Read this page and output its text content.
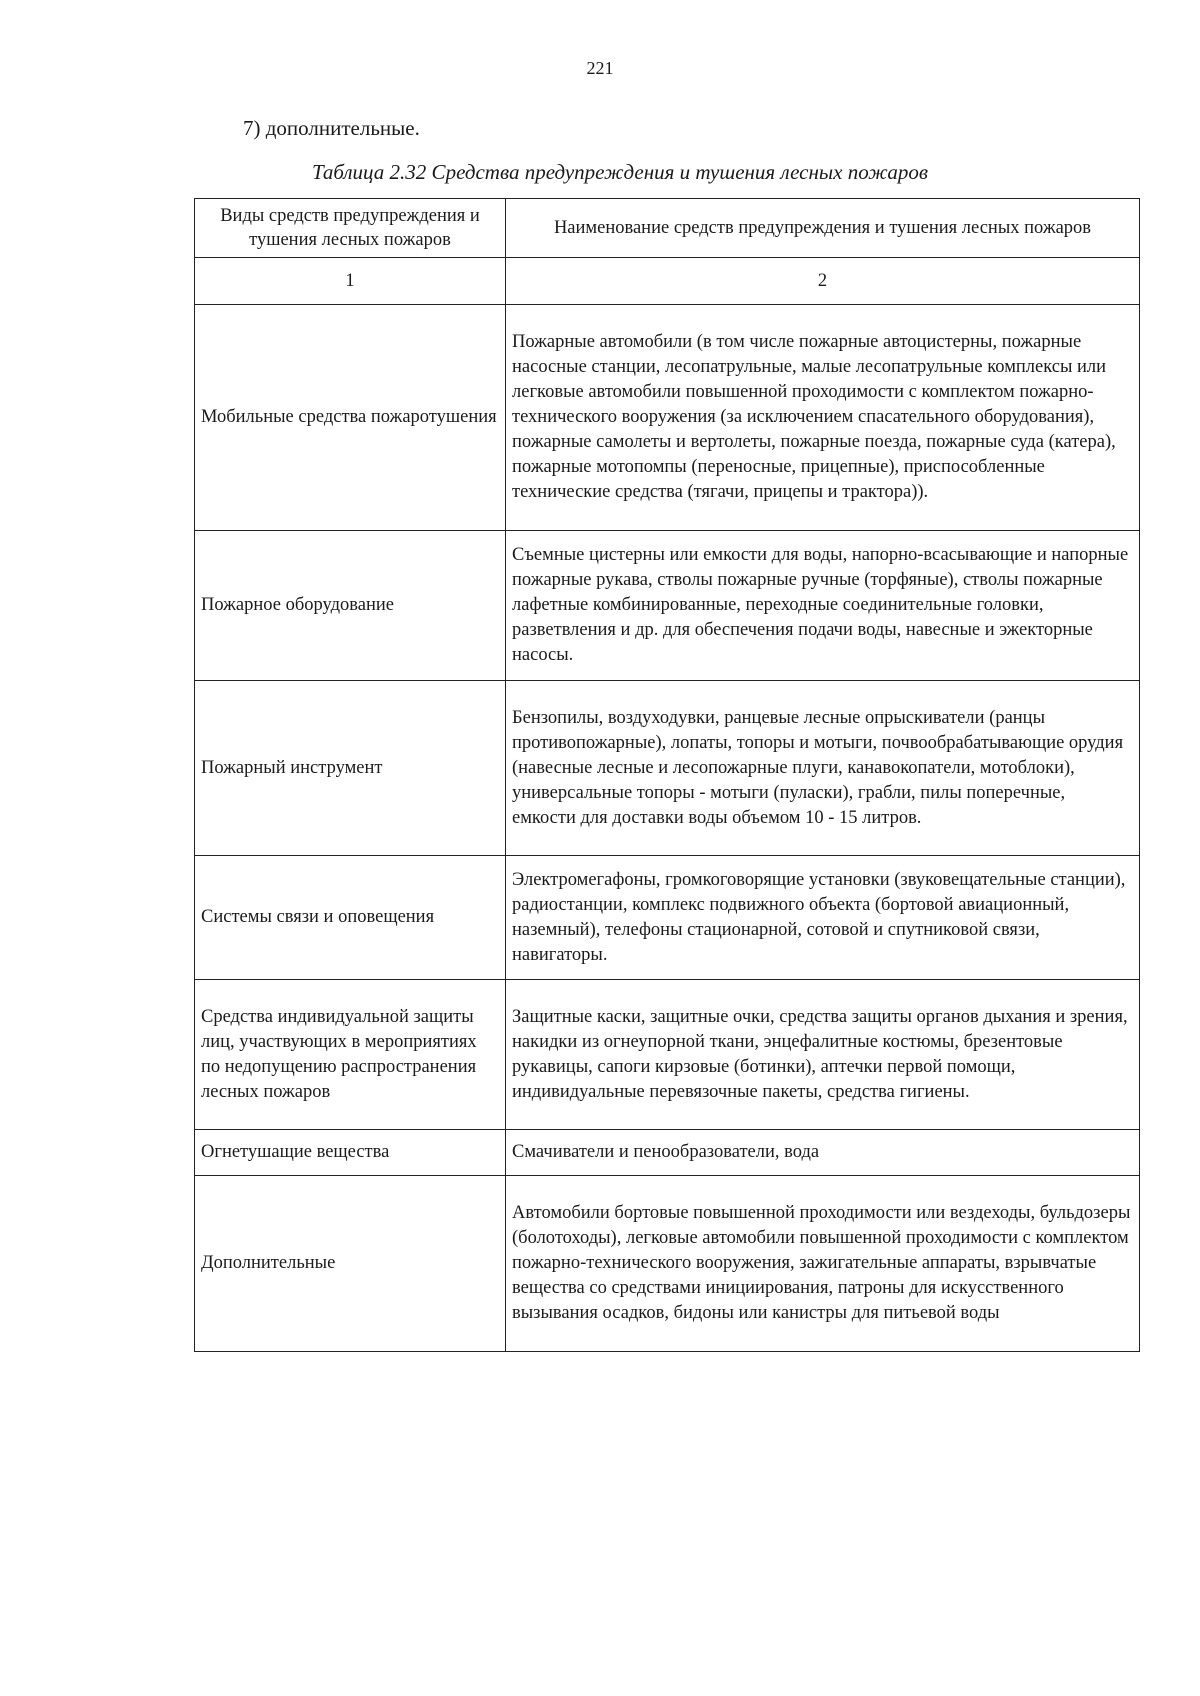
221
7) дополнительные.
Таблица 2.32 Средства предупреждения и тушения лесных пожаров
Виды средств предупреждения и тушения лесных пожаров	Наименование средств предупреждения и тушения лесных пожаров
1	2
Мобильные средства пожаротушения	Пожарные автомобили (в том числе пожарные автоцистерны, пожарные насосные станции, лесопатрульные, малые лесопатрульные комплексы или легковые автомобили повышенной проходимости с комплектом пожарно-технического вооружения (за исключением спасательного оборудования), пожарные самолеты и вертолеты, пожарные поезда, пожарные суда (катера), пожарные мотопомпы (переносные, прицепные), приспособленные технические средства (тягачи, прицепы и трактора)).
Пожарное оборудование	Съемные цистерны или емкости для воды, напорно-всасывающие и напорные пожарные рукава, стволы пожарные ручные (торфяные), стволы пожарные лафетные комбинированные, переходные соединительные головки, разветвления и др. для обеспечения подачи воды, навесные и эжекторные насосы.
Пожарный инструмент	Бензопилы, воздуходувки, ранцевые лесные опрыскиватели (ранцы противопожарные), лопаты, топоры и мотыги, почвообрабатывающие орудия (навесные лесные и лесопожарные плуги, канавокопатели, мотоблоки), универсальные топоры - мотыги (пуласки), грабли, пилы поперечные, емкости для доставки воды объемом 10 - 15 литров.
Системы связи и оповещения	Электромегафоны, громкоговорящие установки (звуковещательные станции), радиостанции, комплекс подвижного объекта (бортовой авиационный, наземный), телефоны стационарной, сотовой и спутниковой связи, навигаторы.
Средства индивидуальной защиты лиц, участвующих в мероприятиях по недопущению распространения лесных пожаров	Защитные каски, защитные очки, средства защиты органов дыхания и зрения, накидки из огнеупорной ткани, энцефалитные костюмы, брезентовые рукавицы, сапоги кирзовые (ботинки), аптечки первой помощи, индивидуальные перевязочные пакеты, средства гигиены.
Огнетушащие вещества	Смачиватели и пенообразователи, вода
Дополнительные	Автомобили бортовые повышенной проходимости или вездеходы, бульдозеры (болотоходы), легковые автомобили повышенной проходимости с комплектом пожарно-технического вооружения, зажигательные аппараты, взрывчатые вещества со средствами инициирования, патроны для искусственного вызывания осадков, бидоны или канистры для питьевой воды
